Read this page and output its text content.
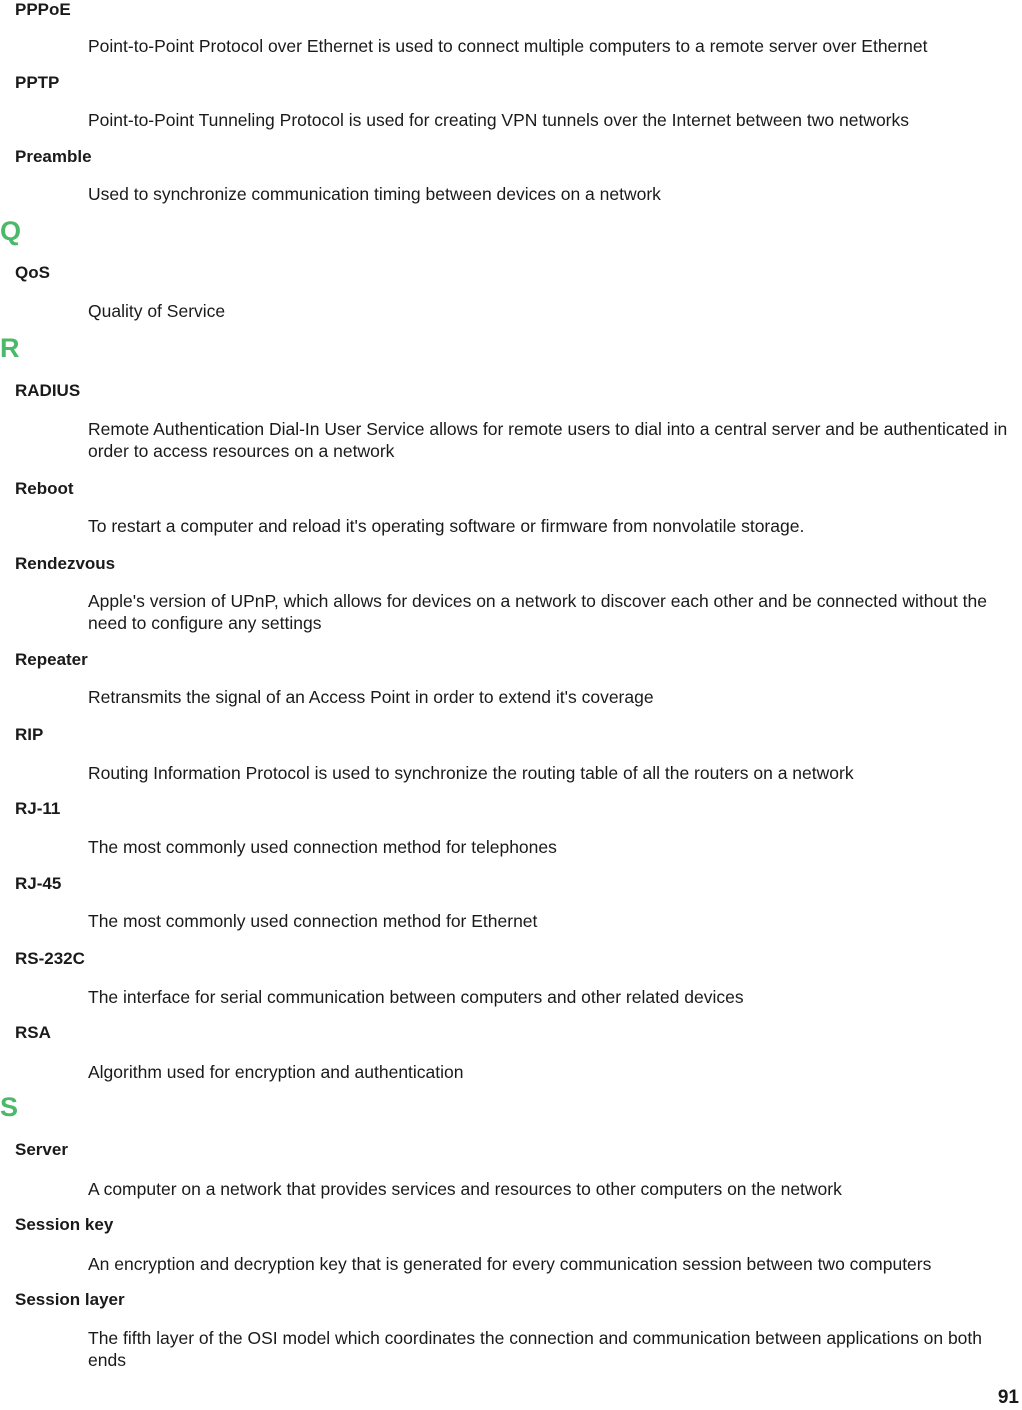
PPPoE
Point-to-Point Protocol over Ethernet is used to connect multiple computers to a remote server over Ethernet
PPTP
Point-to-Point Tunneling Protocol is used for creating VPN tunnels over the Internet between two networks
Preamble
Used to synchronize communication timing between devices on a network
Q
QoS
Quality of Service
R
RADIUS
Remote Authentication Dial-In User Service allows for remote users to dial into a central server and be authenticated in order to access resources on a network
Reboot
To restart a computer and reload it's operating software or firmware from nonvolatile storage.
Rendezvous
Apple's version of UPnP, which allows for devices on a network to discover each other and be connected without the need to configure any settings
Repeater
Retransmits the signal of an Access Point in order to extend it's coverage
RIP
Routing Information Protocol is used to synchronize the routing table of all the routers on a network
RJ-11
The most commonly used connection method for telephones
RJ-45
The most commonly used connection method for Ethernet
RS-232C
The interface for serial communication between computers and other related devices
RSA
Algorithm used for encryption and authentication
S
Server
A computer on a network that provides services and resources to other computers on the network
Session key
An encryption and decryption key that is generated for every communication session between two computers
Session layer
The fifth layer of the OSI model which coordinates the connection and communication between applications on both ends
91
